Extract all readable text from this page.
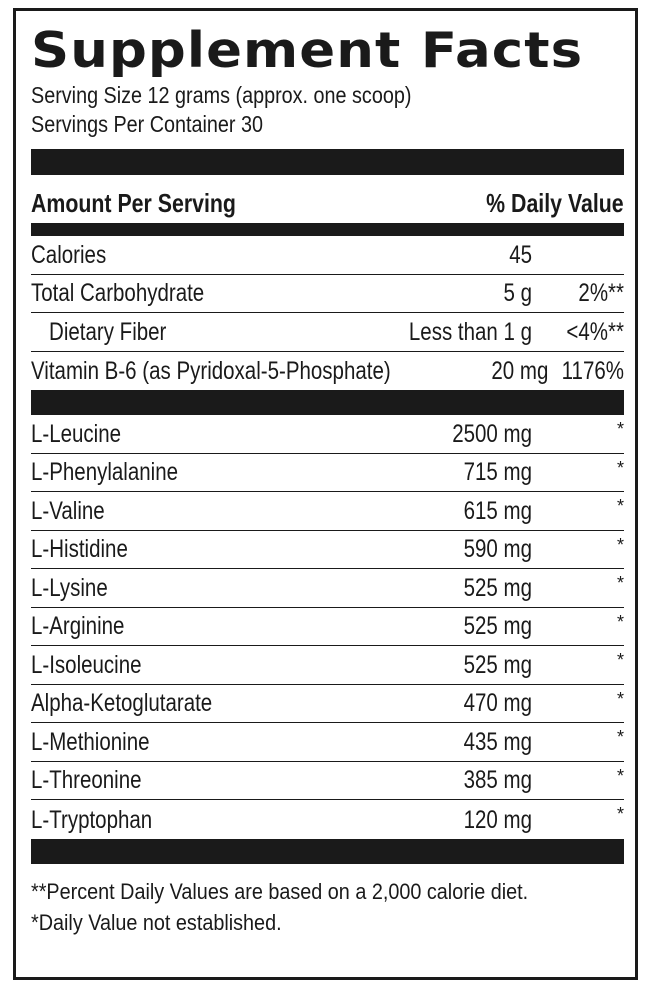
Supplement Facts
Serving Size 12 grams (approx. one scoop)
Servings Per Container 30
Amount Per Serving	% Daily Value
Calories	45
Total Carbohydrate	5 g	2%**
Dietary Fiber	Less than 1 g	<4%**
Vitamin B-6 (as Pyridoxal-5-Phosphate)	20 mg 1176%
L-Leucine	2500 mg	*
L-Phenylalanine	715 mg	*
L-Valine	615 mg	*
L-Histidine	590 mg	*
L-Lysine	525 mg	*
L-Arginine	525 mg	*
L-Isoleucine	525 mg	*
Alpha-Ketoglutarate	470 mg	*
L-Methionine	435 mg	*
L-Threonine	385 mg	*
L-Tryptophan	120 mg	*
**Percent Daily Values are based on a 2,000 calorie diet.
*Daily Value not established.
